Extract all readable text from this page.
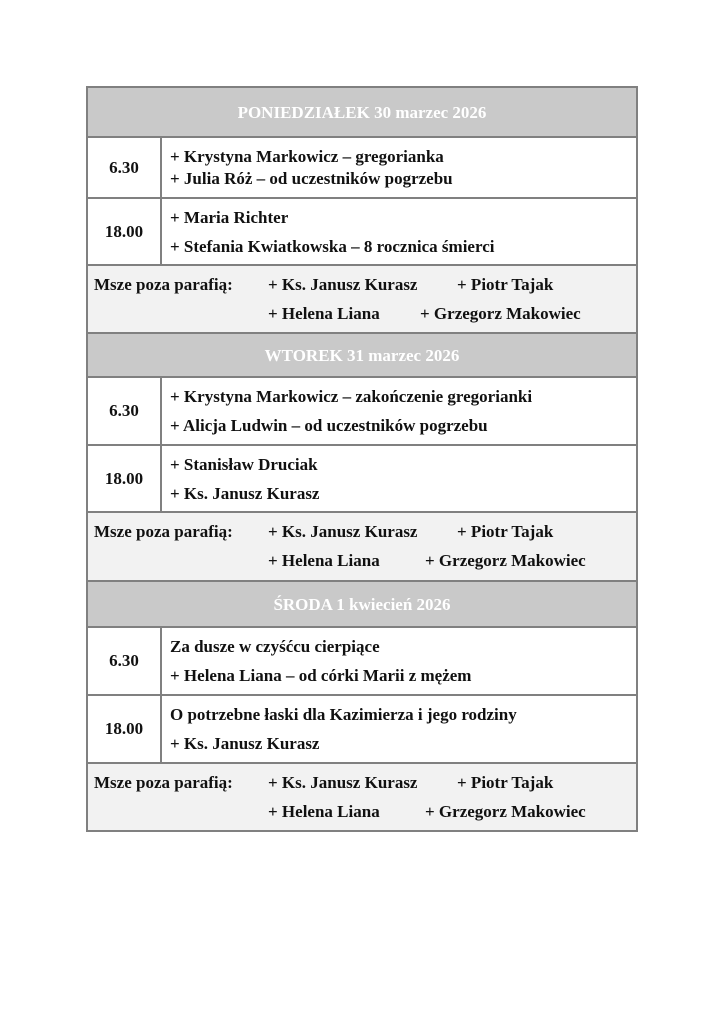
PONIEDZIAŁEK 30 marzec 2026
6.30
+ Krystyna Markowicz – gregorianka
+ Julia Róż – od uczestników pogrzebu
18.00
+ Maria Richter
+ Stefania Kwiatkowska – 8 rocznica śmierci
Msze poza parafią: + Ks. Janusz Kurasz + Piotr Tajak
+ Helena Liana + Grzegorz Makowiec
WTOREK 31 marzec 2026
6.30
+ Krystyna Markowicz – zakończenie gregorianki
+ Alicja Ludwin – od uczestników pogrzebu
18.00
+ Stanisław Druciak
+ Ks. Janusz Kurasz
Msze poza parafią: + Ks. Janusz Kurasz + Piotr Tajak
+ Helena Liana	+ Grzegorz Makowiec
ŚRODA 1 kwiecień 2026
6.30
Za dusze w czyśćcu cierpiące
+ Helena Liana – od córki Marii z mężem
18.00
O potrzebne łaski dla Kazimierza i jego rodziny
+ Ks. Janusz Kurasz
Msze poza parafią: + Ks. Janusz Kurasz + Piotr Tajak
+ Helena Liana	+ Grzegorz Makowiec
